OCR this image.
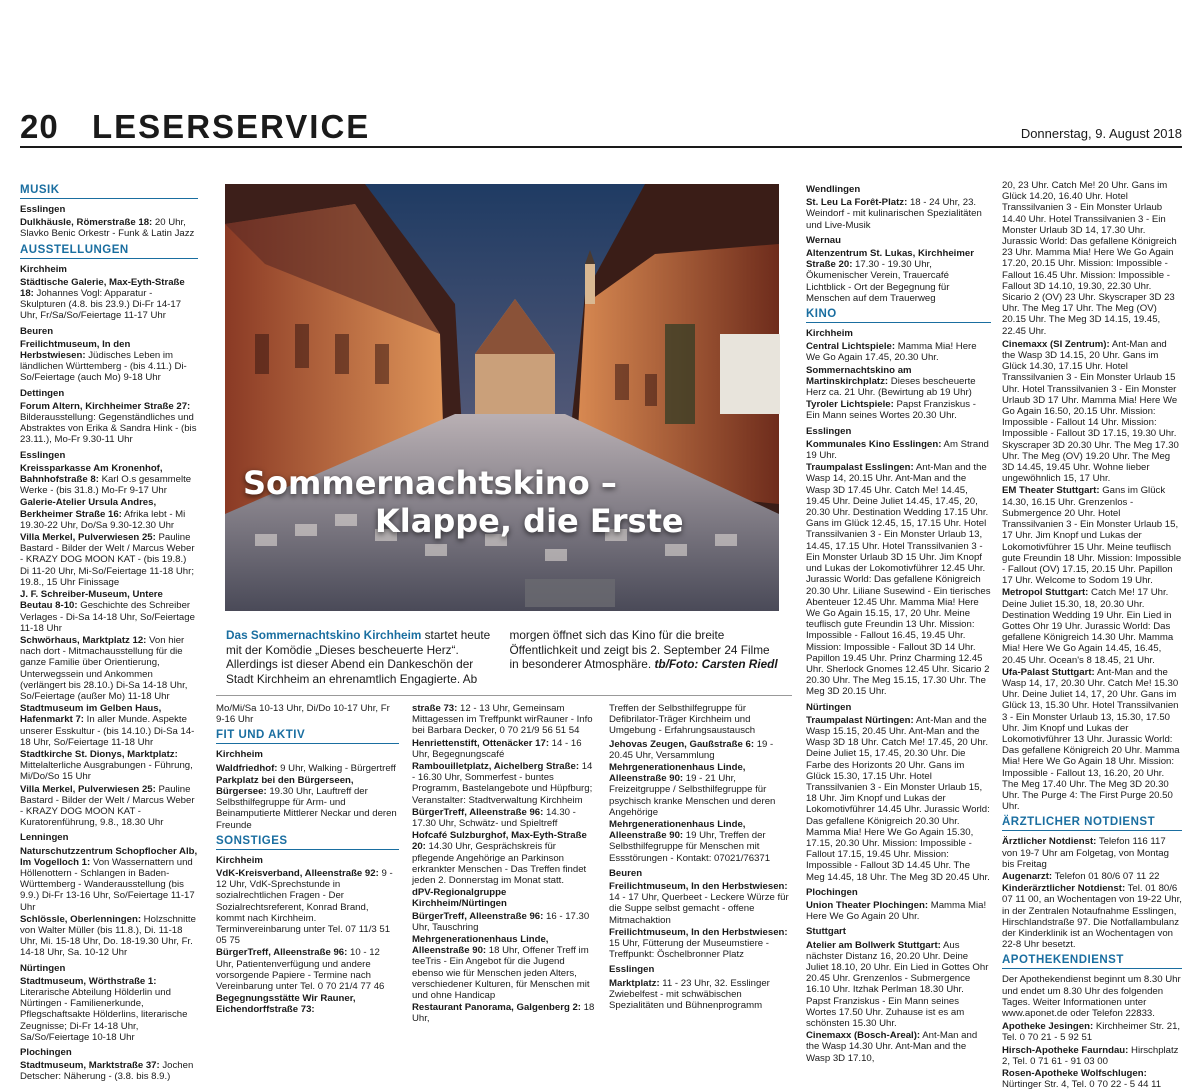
20 LESERSERVICE	Donnerstag, 9. August 2018
MUSIK
Esslingen
Dulkhäusle, Römerstraße 18: 20 Uhr, Slavko Benic Orkestr - Funk & Latin Jazz
AUSSTELLUNGEN
Kirchheim
Städtische Galerie, Max-Eyth-Straße 18: Johannes Vogl: Apparatur - Skulpturen (4.8. bis 23.9.) Di-Fr 14-17 Uhr, Fr/Sa/So/Feiertage 11-17 Uhr
Beuren
Freilichtmuseum, In den Herbstwiesen: Jüdisches Leben im ländlichen Württemberg - (bis 4.11.) Di-So/Feiertage (auch Mo) 9-18 Uhr
Dettingen
Forum Altern, Kirchheimer Straße 27: Bilderausstellung: Gegenständliches und Abstraktes von Erika & Sandra Hink - (bis 23.11.), Mo-Fr 9.30-11 Uhr
Esslingen
Kreissparkasse Am Kronenhof, Bahnhofstraße 8: Karl O.s gesammelte Werke - (bis 31.8.) Mo-Fr 9-17 Uhr
Galerie-Atelier Ursula Andres, Berkheimer Straße 16: Afrika lebt - Mi 19.30-22 Uhr, Do/Sa 9.30-12.30 Uhr
Villa Merkel, Pulverwiesen 25: Pauline Bastard - Bilder der Welt / Marcus Weber - KRAZY DOG MOON KAT - (bis 19.8.) Di 11-20 Uhr, Mi-So/Feiertage 11-18 Uhr; 19.8., 15 Uhr Finissage
J. F. Schreiber-Museum, Untere Beutau 8-10: Geschichte des Schreiber Verlages - Di-Sa 14-18 Uhr, So/Feiertage 11-18 Uhr
Schwörhaus, Marktplatz 12: Von hier nach dort - Mitmachausstellung für die ganze Familie über Orientierung, Unterwegssein und Ankommen (verlängert bis 28.10.) Di-Sa 14-18 Uhr, So/Feiertage (außer Mo) 11-18 Uhr
Stadtmuseum im Gelben Haus, Hafenmarkt 7: In aller Munde. Aspekte unserer Esskultur - (bis 14.10.) Di-Sa 14-18 Uhr, So/Feiertage 11-18 Uhr
Stadtkirche St. Dionys, Marktplatz: Mittelalterliche Ausgrabungen - Führung, Mi/Do/So 15 Uhr
Villa Merkel, Pulverwiesen 25: Pauline Bastard - Bilder der Welt / Marcus Weber - KRAZY DOG MOON KAT - Kuratorenführung, 9.8., 18.30 Uhr
Lenningen
Naturschutzzentrum Schopflocher Alb, Im Vogelloch 1: Von Wassernattern und Höllenottern - Schlangen in Baden-Württemberg - Wanderausstellung (bis 9.9.) Di-Fr 13-16 Uhr, So/Feiertage 11-17 Uhr
Schlössle, Oberlenningen: Holzschnitte von Walter Müller (bis 11.8.), Di. 11-18 Uhr, Mi. 15-18 Uhr, Do. 18-19.30 Uhr, Fr. 14-18 Uhr, Sa. 10-12 Uhr
Nürtingen
Stadtmuseum, Wörthstraße 1: Literarische Abteilung Hölderlin und Nürtingen - Familienerkunde, Pflegschaftsakte Hölderlins, literarische Zeugnisse; Di-Fr 14-18 Uhr, Sa/So/Feiertage 10-18 Uhr
Plochingen
Stadtmuseum, Marktstraße 37: Jochen Detscher: Näherung - (3.8. bis 8.9.)
Sommernachtskino –
Klappe, die Erste
Das Sommernachtskino Kirchheim startet heute mit der Komödie „Dieses bescheuerte Herz“. Allerdings ist dieser Abend ein Dankeschön der Stadt Kirchheim an ehrenamtlich Engagierte. Ab morgen öffnet sich das Kino für die breite Öffentlichkeit und zeigt bis 2. September 24 Filme in besonderer Atmosphäre. tb/Foto: Carsten Riedl
Mo/Mi/Sa 10-13 Uhr, Di/Do 10-17 Uhr, Fr 9-16 Uhr
FIT UND AKTIV
Kirchheim
Waldfriedhof: 9 Uhr, Walking - Bürgertreff
Parkplatz bei den Bürgerseen, Bürgersee: 19.30 Uhr, Lauftreff der Selbsthilfegruppe für Arm- und Beinamputierte Mittlerer Neckar und deren Freunde
SONSTIGES
Kirchheim
VdK-Kreisverband, Alleenstraße 92: 9 - 12 Uhr, VdK-Sprechstunde in sozialrechtlichen Fragen - Der Sozialrechtsreferent, Konrad Brand, kommt nach Kirchheim. Terminvereinbarung unter Tel. 07 11/3 51 05 75
BürgerTreff, Alleenstraße 96: 10 - 12 Uhr, Patientenverfügung und andere vorsorgende Papiere - Termine nach Vereinbarung unter Tel. 0 70 21/4 77 46
Begegnungsstätte Wir Rauner, Eichendorffstraße 73:
straße 73: 12 - 13 Uhr, Gemeinsam Mittagessen im Treffpunkt wirRauner - Info bei Barbara Decker, 0 70 21/9 56 51 54
Henriettenstift, Ottenäcker 17: 14 - 16 Uhr, Begegnungscafé
Rambouilletplatz, Aichelberg Straße: 14 - 16.30 Uhr, Sommerfest - buntes Programm, Bastelangebote und Hüpfburg; Veranstalter: Stadtverwaltung Kirchheim
BürgerTreff, Alleenstraße 96: 14.30 - 17.30 Uhr, Schwätz- und Spieltreff
Hofcafé Sulzburghof, Max-Eyth-Straße 20: 14.30 Uhr, Gesprächskreis für pflegende Angehörige an Parkinson erkrankter Menschen - Das Treffen findet jeden 2. Donnerstag im Monat statt.
dPV-Regionalgruppe Kirchheim/Nürtingen
BürgerTreff, Alleenstraße 96: 16 - 17.30 Uhr, Tauschring
Mehrgenerationenhaus Linde, Alleenstraße 90: 18 Uhr, Offener Treff im teeTris - Ein Angebot für die Jugend ebenso wie für Menschen jeden Alters, verschiedener Kulturen, für Menschen mit und ohne Handicap
Restaurant Panorama, Galgenberg 2: 18 Uhr,
Treffen der Selbsthilfegruppe für Defibrilator-Träger Kirchheim und Umgebung - Erfahrungsaustausch
Jehovas Zeugen, Gaußstraße 6: 19 - 20.45 Uhr, Versammlung
Mehrgenerationenhaus Linde, Alleenstraße 90: 19 - 21 Uhr, Freizeitgruppe / Selbsthilfegruppe für psychisch kranke Menschen und deren Angehörige
Mehrgenerationenhaus Linde, Alleenstraße 90: 19 Uhr, Treffen der Selbsthilfegruppe für Menschen mit Essstörungen - Kontakt: 07021/76371
Beuren
Freilichtmuseum, In den Herbstwiesen: 14 - 17 Uhr, Querbeet - Leckere Würze für die Suppe selbst gemacht - offene Mitmachaktion
Freilichtmuseum, In den Herbstwiesen: 15 Uhr, Fütterung der Museumstiere - Treffpunkt: Öschelbronner Platz
Esslingen
Marktplatz: 11 - 23 Uhr, 32. Esslinger Zwiebelfest - mit schwäbischen Spezialitäten und Bühnenprogramm
Wendlingen
St. Leu La Forêt-Platz: 18 - 24 Uhr, 23. Weindorf - mit kulinarischen Spezialitäten und Live-Musik
Wernau
Altenzentrum St. Lukas, Kirchheimer Straße 20: 17.30 - 19.30 Uhr, Ökumenischer Verein, Trauercafé Lichtblick - Ort der Begegnung für Menschen auf dem Trauerweg
KINO
Kirchheim
Central Lichtspiele: Mamma Mia! Here We Go Again 17.45, 20.30 Uhr.
Sommernachtskino am Martinskirchplatz: Dieses bescheuerte Herz ca. 21 Uhr. (Bewirtung ab 19 Uhr)
Tyroler Lichtspiele: Papst Franziskus - Ein Mann seines Wortes 20.30 Uhr.
Esslingen
Kommunales Kino Esslingen: Am Strand 19 Uhr.
Traumpalast Esslingen: Ant-Man and the Wasp 14, 20.15 Uhr. Ant-Man and the Wasp 3D 17.45 Uhr. Catch Me! 14.45, 19.45 Uhr. Deine Juliet 14.45, 17.45, 20, 20.30 Uhr. Destination Wedding 17.15 Uhr. Gans im Glück 12.45, 15, 17.15 Uhr. Hotel Transsilvanien 3 - Ein Monster Urlaub 13, 14.45, 17.15 Uhr. Hotel Transsilvanien 3 - Ein Monster Urlaub 3D 15 Uhr. Jim Knopf und Lukas der Lokomotivführer 12.45 Uhr. Jurassic World: Das gefallene Königreich 20.30 Uhr. Liliane Susewind - Ein tierisches Abenteuer 12.45 Uhr. Mamma Mia! Here We Go Again 15.15, 17, 20 Uhr. Meine teuflisch gute Freundin 13 Uhr. Mission: Impossible - Fallout 16.45, 19.45 Uhr. Mission: Impossible - Fallout 3D 14 Uhr. Papillon 19.45 Uhr. Prinz Charming 12.45 Uhr. Sherlock Gnomes 12.45 Uhr. Sicario 2 20.30 Uhr. The Meg 15.15, 17.30 Uhr. The Meg 3D 20.15 Uhr.
Nürtingen
Traumpalast Nürtingen: Ant-Man and the Wasp 15.15, 20.45 Uhr. Ant-Man and the Wasp 3D 18 Uhr. Catch Me! 17.45, 20 Uhr. Deine Juliet 15, 17.45, 20.30 Uhr. Die Farbe des Horizonts 20 Uhr. Gans im Glück 15.30, 17.15 Uhr. Hotel Transsilvanien 3 - Ein Monster Urlaub 15, 18 Uhr. Jim Knopf und Lukas der Lokomotivführer 14.45 Uhr. Jurassic World: Das gefallene Königreich 20.30 Uhr. Mamma Mia! Here We Go Again 15.30, 17.15, 20.30 Uhr. Mission: Impossible - Fallout 17.15, 19.45 Uhr. Mission: Impossible - Fallout 3D 14.45 Uhr. The Meg 14.45, 18 Uhr. The Meg 3D 20.45 Uhr.
Plochingen
Union Theater Plochingen: Mamma Mia! Here We Go Again 20 Uhr.
Stuttgart
Atelier am Bollwerk Stuttgart: Aus nächster Distanz 16, 20.20 Uhr. Deine Juliet 18.10, 20 Uhr. Ein Lied in Gottes Ohr 20.45 Uhr. Grenzenlos - Submergence 16.10 Uhr. Itzhak Perlman 18.30 Uhr. Papst Franziskus - Ein Mann seines Wortes 17.50 Uhr. Zuhause ist es am schönsten 15.30 Uhr.
Cinemaxx (Bosch-Areal): Ant-Man and the Wasp 14.30 Uhr. Ant-Man and the Wasp 3D 17.10,
20, 23 Uhr. Catch Me! 20 Uhr. Gans im Glück 14.20, 16.40 Uhr. Hotel Transsilvanien 3 - Ein Monster Urlaub 14.40 Uhr. Hotel Transsilvanien 3 - Ein Monster Urlaub 3D 14, 17.30 Uhr. Jurassic World: Das gefallene Königreich 23 Uhr. Mamma Mia! Here We Go Again 17.20, 20.15 Uhr. Mission: Impossible - Fallout 16.45 Uhr. Mission: Impossible - Fallout 3D 14.10, 19.30, 22.30 Uhr. Sicario 2 (OV) 23 Uhr. Skyscraper 3D 23 Uhr. The Meg 17 Uhr. The Meg (OV) 20.15 Uhr. The Meg 3D 14.15, 19.45, 22.45 Uhr.
Cinemaxx (SI Zentrum): Ant-Man and the Wasp 3D 14.15, 20 Uhr. Gans im Glück 14.30, 17.15 Uhr. Hotel Transsilvanien 3 - Ein Monster Urlaub 15 Uhr. Hotel Transsilvanien 3 - Ein Monster Urlaub 3D 17 Uhr. Mamma Mia! Here We Go Again 16.50, 20.15 Uhr. Mission: Impossible - Fallout 14 Uhr. Mission: Impossible - Fallout 3D 17.15, 19.30 Uhr. Skyscraper 3D 20.30 Uhr. The Meg 17.30 Uhr. The Meg (OV) 19.20 Uhr. The Meg 3D 14.45, 19.45 Uhr. Wohne lieber ungewöhnlich 15, 17 Uhr.
EM Theater Stuttgart: Gans im Glück 14.30, 16.15 Uhr. Grenzenlos - Submergence 20 Uhr. Hotel Transsilvanien 3 - Ein Monster Urlaub 15, 17 Uhr. Jim Knopf und Lukas der Lokomotivführer 15 Uhr. Meine teuflisch gute Freundin 18 Uhr. Mission: Impossible - Fallout (OV) 17.15, 20.15 Uhr. Papillon 17 Uhr. Welcome to Sodom 19 Uhr.
Metropol Stuttgart: Catch Me! 17 Uhr. Deine Juliet 15.30, 18, 20.30 Uhr. Destination Wedding 19 Uhr. Ein Lied in Gottes Ohr 19 Uhr. Jurassic World: Das gefallene Königreich 14.30 Uhr. Mamma Mia! Here We Go Again 14.45, 16.45, 20.45 Uhr. Ocean's 8 18.45, 21 Uhr.
Ufa-Palast Stuttgart: Ant-Man and the Wasp 14, 17, 20.30 Uhr. Catch Me! 15.30 Uhr. Deine Juliet 14, 17, 20 Uhr. Gans im Glück 13, 15.30 Uhr. Hotel Transsilvanien 3 - Ein Monster Urlaub 13, 15.30, 17.50 Uhr. Jim Knopf und Lukas der Lokomotivführer 13 Uhr. Jurassic World: Das gefallene Königreich 20 Uhr. Mamma Mia! Here We Go Again 18 Uhr. Mission: Impossible - Fallout 13, 16.20, 20 Uhr. The Meg 17.40 Uhr. The Meg 3D 20.30 Uhr. The Purge 4: The First Purge 20.50 Uhr.
ÄRZTLICHER NOTDIENST
Ärztlicher Notdienst: Telefon 116 117 von 19-7 Uhr am Folgetag, von Montag bis Freitag
Augenarzt: Telefon 01 80/6 07 11 22
Kinderärztlicher Notdienst: Tel. 01 80/6 07 11 00, an Wochentagen von 19-22 Uhr, in der Zentralen Notaufnahme Esslingen, Hirschlandstraße 97. Die Notfallambulanz der Kinderklinik ist an Wochentagen von 22-8 Uhr besetzt.
APOTHEKENDIENST
Der Apothekendienst beginnt um 8.30 Uhr und endet um 8.30 Uhr des folgenden Tages. Weiter Informationen unter www.aponet.de oder Telefon 22833.
Apotheke Jesingen: Kirchheimer Str. 21, Tel. 0 70 21 - 5 92 51
Hirsch-Apotheke Faurndau: Hirschplatz 2, Tel. 0 71 61 - 91 03 00
Rosen-Apotheke Wolfschlugen: Nürtinger Str. 4, Tel. 0 70 22 - 5 44 11
